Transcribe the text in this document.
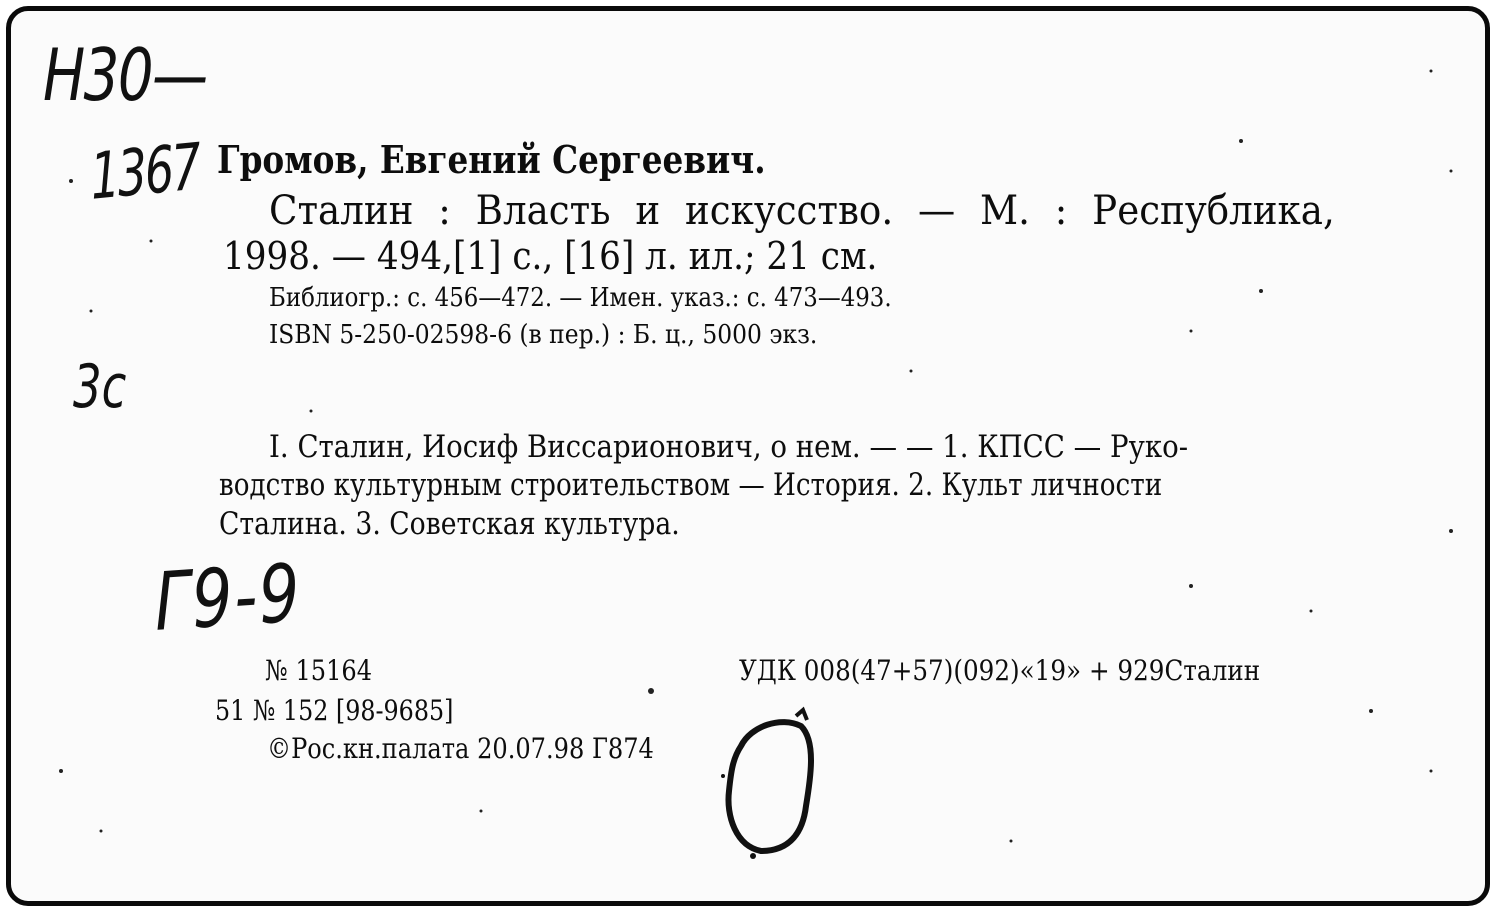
Н30—
1367
3с
Г9-9
Громов, Евгений Сергеевич.
Сталин : Власть и искусство. — М. : Республика,
1998. — 494,[1] с., [16] л. ил.; 21 см.
Библиогр.: с. 456—472. — Имен. указ.: с. 473—493.
ISBN 5-250-02598-6 (в пер.) : Б. ц., 5000 экз.
I. Сталин, Иосиф Виссарионович, о нем. — — 1. КПСС — Руко-
водство культурным строительством — История. 2. Культ личности
Сталина. 3. Советская культура.
№ 15164	УДК 008(47+57)(092)«19» + 929Сталин
51 № 152 [98-9685]
©Рос.кн.палата 20.07.98 Г874
